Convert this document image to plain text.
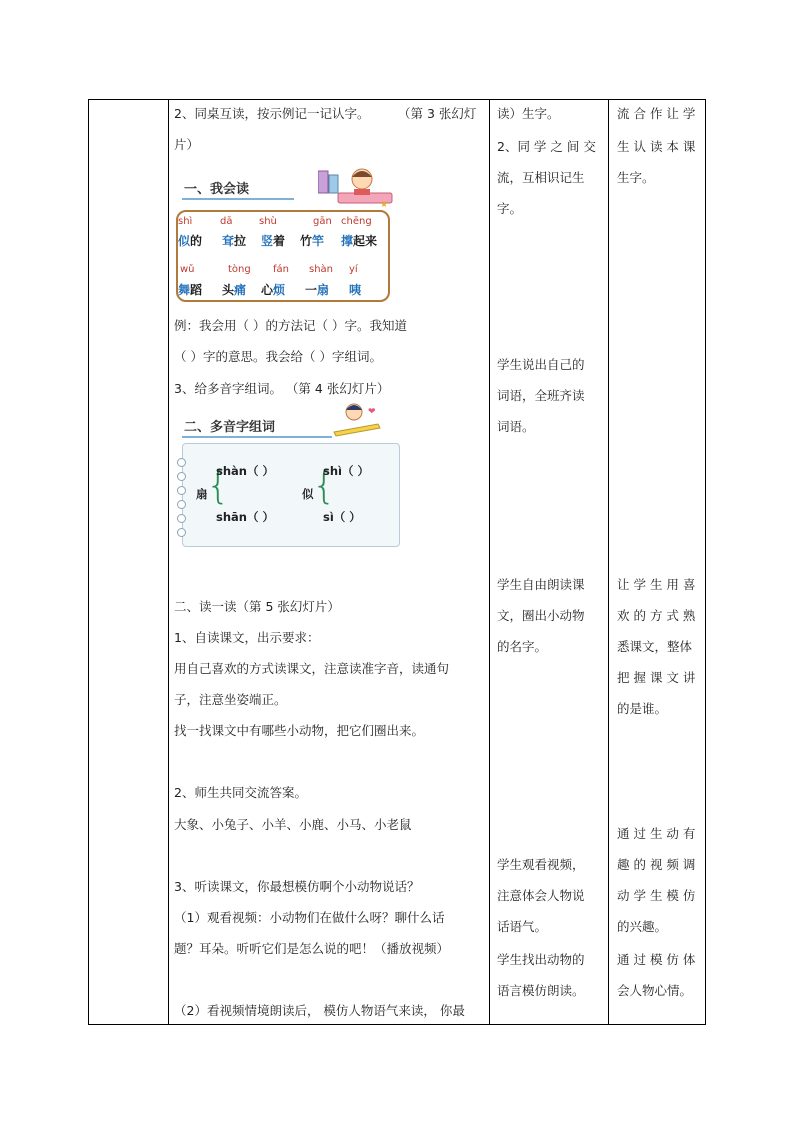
2、同桌互读，按示例记一记认字。 （第 3 张幻灯
片）
一、我会读
★
shì	dā	shù	gān chēng
似的 耷拉 竖着 竹竿 撑起来
wǔ	tòng fán shàn yí
舞蹈 头痛 心烦 一扇 咦
例：我会用（ ）的方法记（ ）字。我知道
（ ）字的意思。我会给（ ）字组词。
3、给多音字组词。 （第 4 张幻灯片）
二、多音字组词
❤
扇
{
shàn（ ）
shān（ ）
似
{
shì（ ）
sì（ ）
二、读一读（第 5 张幻灯片）
1、自读课文，出示要求：
用自己喜欢的方式读课文，注意读准字音，读通句
子，注意坐姿端正。
找一找课文中有哪些小动物，把它们圈出来。
2、师生共同交流答案。
大象、小兔子、小羊、小鹿、小马、小老鼠
3、听读课文，你最想模仿啊个小动物说话？
（1）观看视频：小动物们在做什么呀？聊什么话
题？耳朵。听听它们是怎么说的吧！（播放视频）
（2）看视频情境朗读后， 模仿人物语气来读， 你最
读）生字。
2、同 学 之 间 交
流，互相识记生
字。
学生说出自己的
词语，全班齐读
词语。
学生自由朗读课
文，圈出小动物
的名字。
学生观看视频，
注意体会人物说
话语气。
学生找出动物的
语言模仿朗读。
流 合 作 让 学
生 认 读 本 课
生字。
让 学 生 用 喜
欢 的 方 式 熟
悉课文，整体
把 握 课 文 讲
的是谁。
通 过 生 动 有
趣 的 视 频 调
动 学 生 模 仿
的兴趣。
通 过 模 仿 体
会人物心情。
